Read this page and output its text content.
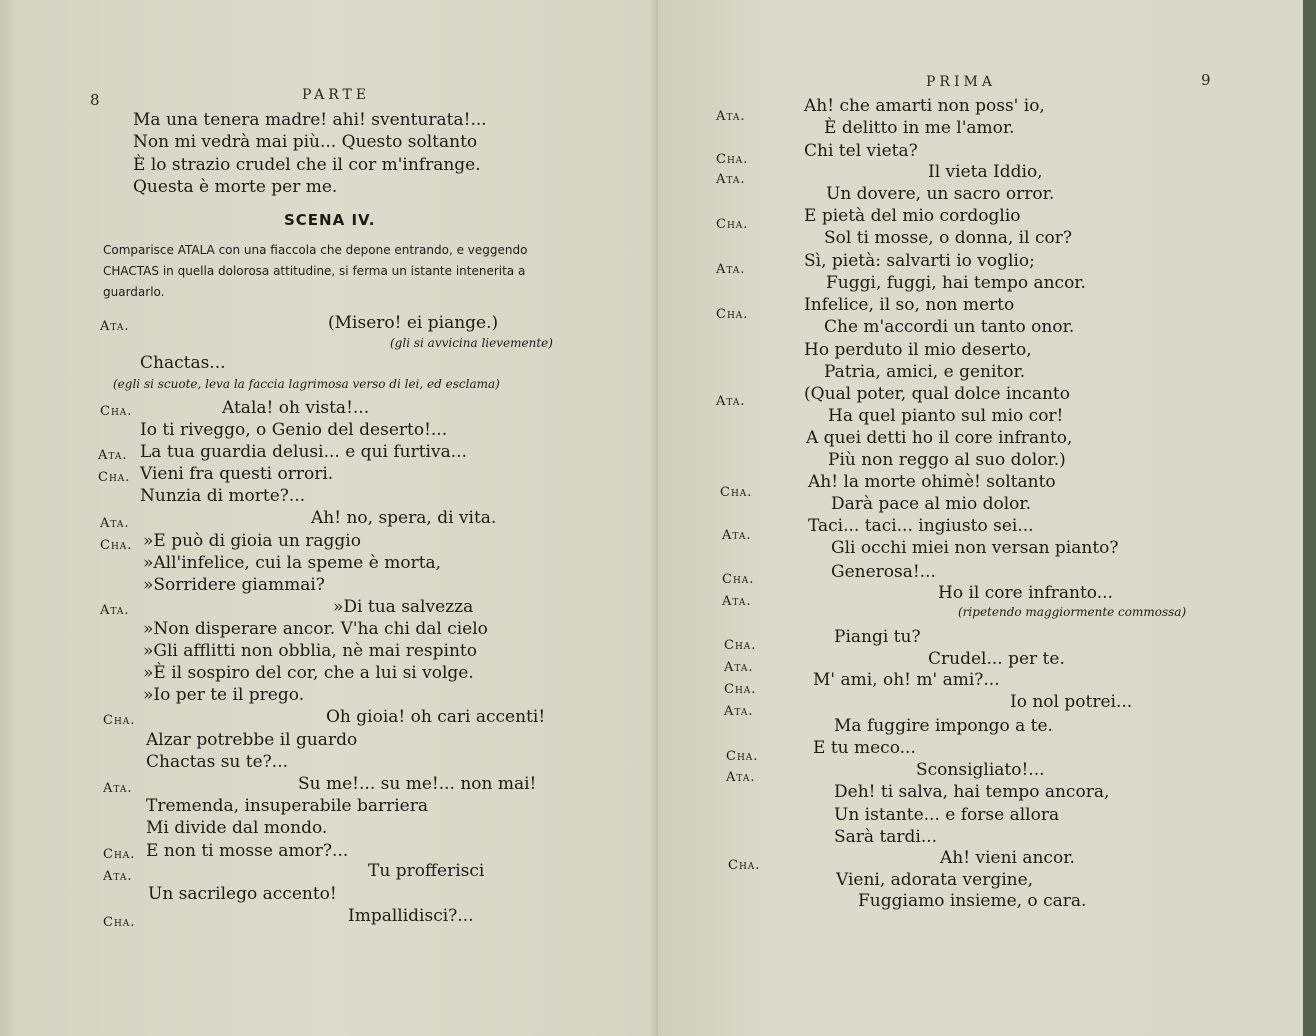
8	PARTE
Ma una tenera madre! ahi! sventurata!...
Non mi vedrà mai più... Questo soltanto
È lo strazio crudel che il cor m'infrange.
Questa è morte per me.
SCENA IV.
Comparisce ATALA con una fiaccola che depone entrando, e veggendo CHACTAS in quella dolorosa attitudine, si ferma un istante intenerita a guardarlo.
Ata.	(Misero! ei piange.)
(gli si avvicina lievemente)
Chactas...
(egli si scuote, leva la faccia lagrimosa verso di lei, ed esclama)
Cha.	Atala! oh vista!...
Io ti riveggo, o Genio del deserto!...
Ata. La tua guardia delusi... e qui furtiva...
Cha. Vieni fra questi orrori.
Nunzia di morte?...
Ata.	Ah! no, spera, di vita.
Cha. »E può di gioia un raggio
»All'infelice, cui la speme è morta,
»Sorridere giammai?
Ata.	»Di tua salvezza
»Non disperare ancor. V'ha chi dal cielo
»Gli afflitti non obblia, nè mai respinto
»È il sospiro del cor, che a lui si volge.
»Io per te il prego.
Cha.	Oh gioia! oh cari accenti!
Alzar potrebbe il guardo
Chactas su te?...
Ata.	Su me!... su me!... non mai!
Tremenda, insuperabile barriera
Mi divide dal mondo.
Cha. E non ti mosse amor?...
Ata.	Tu profferisci
Un sacrilego accento!
Cha.	Impallidisci?...
PRIMA	9
Ata.
Ah! che amarti non poss' io,
È delitto in me l'amor.
Cha.	Chi tel vieta?
Ata.	Il vieta Iddio,
Un dovere, un sacro orror.
Cha.	E pietà del mio cordoglio
Sol ti mosse, o donna, il cor?
Ata.	Sì, pietà: salvarti io voglio;
Fuggi, fuggi, hai tempo ancor.
Cha.	Infelice, il so, non merto
Che m'accordi un tanto onor.
Ho perduto il mio deserto,
Patria, amici, e genitor.
Ata.	(Qual poter, qual dolce incanto
Ha quel pianto sul mio cor!
A quei detti ho il core infranto,
Più non reggo al suo dolor.)
Cha.
Ah! la morte ohimè! soltanto
Darà pace al mio dolor.
Ata.	Taci... taci... ingiusto sei...
Gli occhi miei non versan pianto?
Cha.	Generosa!...
Ata.	Ho il core infranto...
(ripetendo maggiormente commossa)
Cha.	Piangi tu?
Ata.	Crudel... per te.
Cha.	M' ami, oh! m' ami?...
Ata.	Io nol potrei...
Ma fuggire impongo a te.
Cha.	E tu meco...
Ata.	Sconsigliato!...
Deh! ti salva, hai tempo ancora,
Un istante... e forse allora
Sarà tardi...
Cha.	Ah! vieni ancor.
Vieni, adorata vergine,
Fuggiamo insieme, o cara.
